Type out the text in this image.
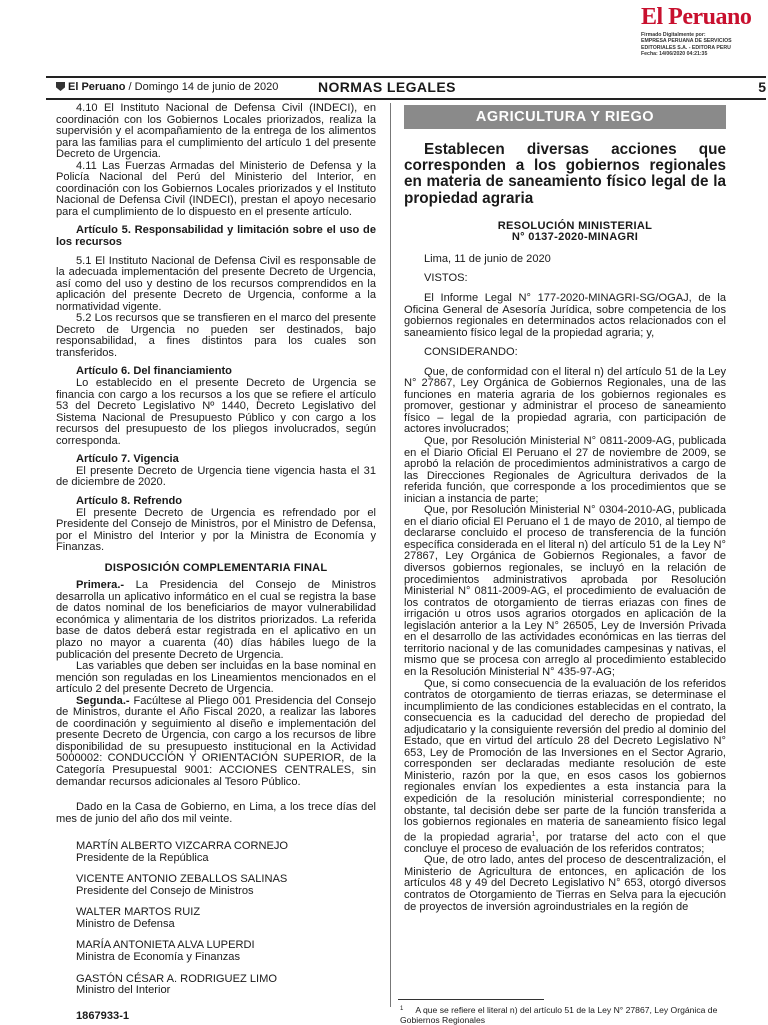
El Peruano
Firmado Digitalmente por:
EMPRESA PERUANA DE SERVICIOS
EDITORIALES S.A. - EDITORA PERU
Fecha: 14/06/2020 04:21:35
El Peruano / Domingo 14 de junio de 2020	NORMAS LEGALES	5

4.10 El Instituto Nacional de Defensa Civil (INDECI), en coordinación con los Gobiernos Locales priorizados, realiza la supervisión y el acompañamiento de la entrega de los alimentos para las familias para el cumplimiento del artículo 1 del presente Decreto de Urgencia.

4.11 Las Fuerzas Armadas del Ministerio de Defensa y la Policía Nacional del Perú del Ministerio del Interior, en coordinación con los Gobiernos Locales priorizados y el Instituto Nacional de Defensa Civil (INDECI), prestan el apoyo necesario para el cumplimiento de lo dispuesto en el presente artículo.

Artículo 5. Responsabilidad y limitación sobre el uso de los recursos

5.1 El Instituto Nacional de Defensa Civil es responsable de la adecuada implementación del presente Decreto de Urgencia, así como del uso y destino de los recursos comprendidos en la aplicación del presente Decreto de Urgencia, conforme a la normatividad vigente.

5.2 Los recursos que se transfieren en el marco del presente Decreto de Urgencia no pueden ser destinados, bajo responsabilidad, a fines distintos para los cuales son transferidos.

Artículo 6. Del financiamiento

Lo establecido en el presente Decreto de Urgencia se financia con cargo a los recursos a los que se refiere el artículo 53 del Decreto Legislativo Nº 1440, Decreto Legislativo del Sistema Nacional de Presupuesto Público y con cargo a los recursos del presupuesto de los pliegos involucrados, según corresponda.

Artículo 7. Vigencia

El presente Decreto de Urgencia tiene vigencia hasta el 31 de diciembre de 2020.

Artículo 8. Refrendo

El presente Decreto de Urgencia es refrendado por el Presidente del Consejo de Ministros, por el Ministro de Defensa, por el Ministro del Interior y por la Ministra de Economía y Finanzas.

DISPOSICIÓN COMPLEMENTARIA FINAL

Primera.- La Presidencia del Consejo de Ministros desarrolla un aplicativo informático en el cual se registra la base de datos nominal de los beneficiarios de mayor vulnerabilidad económica y alimentaria de los distritos priorizados. La referida base de datos deberá estar registrada en el aplicativo en un plazo no mayor a cuarenta (40) días hábiles luego de la publicación del presente Decreto de Urgencia.

Las variables que deben ser incluidas en la base nominal en mención son reguladas en los Lineamientos mencionados en el artículo 2 del presente Decreto de Urgencia.

Segunda.- Facúltese al Pliego 001 Presidencia del Consejo de Ministros, durante el Año Fiscal 2020, a realizar las labores de coordinación y seguimiento al diseño e implementación del presente Decreto de Urgencia, con cargo a los recursos de libre disponibilidad de su presupuesto institucional en la Actividad 5000002: CONDUCCIÓN Y ORIENTACIÓN SUPERIOR, de la Categoría Presupuestal 9001: ACCIONES CENTRALES, sin demandar recursos adicionales al Tesoro Público.

Dado en la Casa de Gobierno, en Lima, a los trece días del mes de junio del año dos mil veinte.

MARTÍN ALBERTO VIZCARRA CORNEJO

Presidente de la República

VICENTE ANTONIO ZEBALLOS SALINAS

Presidente del Consejo de Ministros

WALTER MARTOS RUIZ

Ministro de Defensa

MARÍA ANTONIETA ALVA LUPERDI

Ministra de Economía y Finanzas

GASTÓN CÉSAR A. RODRIGUEZ LIMO

Ministro del Interior

1867933-1

AGRICULTURA Y RIEGO

Establecen diversas acciones que corresponden a los gobiernos regionales en materia de saneamiento físico legal de la propiedad agraria

RESOLUCIÓN MINISTERIAL

N° 0137-2020-MINAGRI

Lima, 11 de junio de 2020

VISTOS:

El Informe Legal N° 177-2020-MINAGRI-SG/OGAJ, de la Oficina General de Asesoría Jurídica, sobre competencia de los gobiernos regionales en determinados actos relacionados con el saneamiento físico legal de la propiedad agraria; y,

CONSIDERANDO:

Que, de conformidad con el literal n) del artículo 51 de la Ley N° 27867, Ley Orgánica de Gobiernos Regionales, una de las funciones en materia agraria de los gobiernos regionales es promover, gestionar y administrar el proceso de saneamiento físico – legal de la propiedad agraria, con participación de actores involucrados;

Que, por Resolución Ministerial N° 0811-2009-AG, publicada en el Diario Oficial El Peruano el 27 de noviembre de 2009, se aprobó la relación de procedimientos administrativos a cargo de las Direcciones Regionales de Agricultura derivados de la referida función, que corresponde a los procedimientos que se inician a instancia de parte;

Que, por Resolución Ministerial N° 0304-2010-AG, publicada en el diario oficial El Peruano el 1 de mayo de 2010, al tiempo de declararse concluido el proceso de transferencia de la función específica considerada en el literal n) del artículo 51 de la Ley N° 27867, Ley Orgánica de Gobiernos Regionales, a favor de diversos gobiernos regionales, se incluyó en la relación de procedimientos administrativos aprobada por Resolución Ministerial N° 0811-2009-AG, el procedimiento de evaluación de los contratos de otorgamiento de tierras eriazas con fines de irrigación u otros usos agrarios otorgados en aplicación de la legislación anterior a la Ley N° 26505, Ley de Inversión Privada en el desarrollo de las actividades económicas en las tierras del territorio nacional y de las comunidades campesinas y nativas, el mismo que se procesa con arreglo al procedimiento establecido en la Resolución Ministerial N° 435-97-AG;

Que, si como consecuencia de la evaluación de los referidos contratos de otorgamiento de tierras eriazas, se determinase el incumplimiento de las condiciones establecidas en el contrato, la consecuencia es la caducidad del derecho de propiedad del adjudicatario y la consiguiente reversión del predio al dominio del Estado, que en virtud del artículo 28 del Decreto Legislativo N° 653, Ley de Promoción de las Inversiones en el Sector Agrario, corresponden ser declaradas mediante resolución de este Ministerio, razón por la que, en esos casos los gobiernos regionales envían los expedientes a esta instancia para la expedición de la resolución ministerial correspondiente; no obstante, tal decisión debe ser parte de la función transferida a los gobiernos regionales en materia de saneamiento físico legal de la propiedad agraria$^1$, por tratarse del acto con el que concluye el proceso de evaluación de los referidos contratos;

Que, de otro lado, antes del proceso de descentralización, el Ministerio de Agricultura de entonces, en aplicación de los artículos 48 y 49 del Decreto Legislativo N° 653, otorgó diversos contratos de Otorgamiento de Tierras en Selva para la ejecución de proyectos de inversión agroindustriales en la región de

$^1$ A que se refiere el literal n) del artículo 51 de la Ley N° 27867, Ley Orgánica de Gobiernos Regionales
